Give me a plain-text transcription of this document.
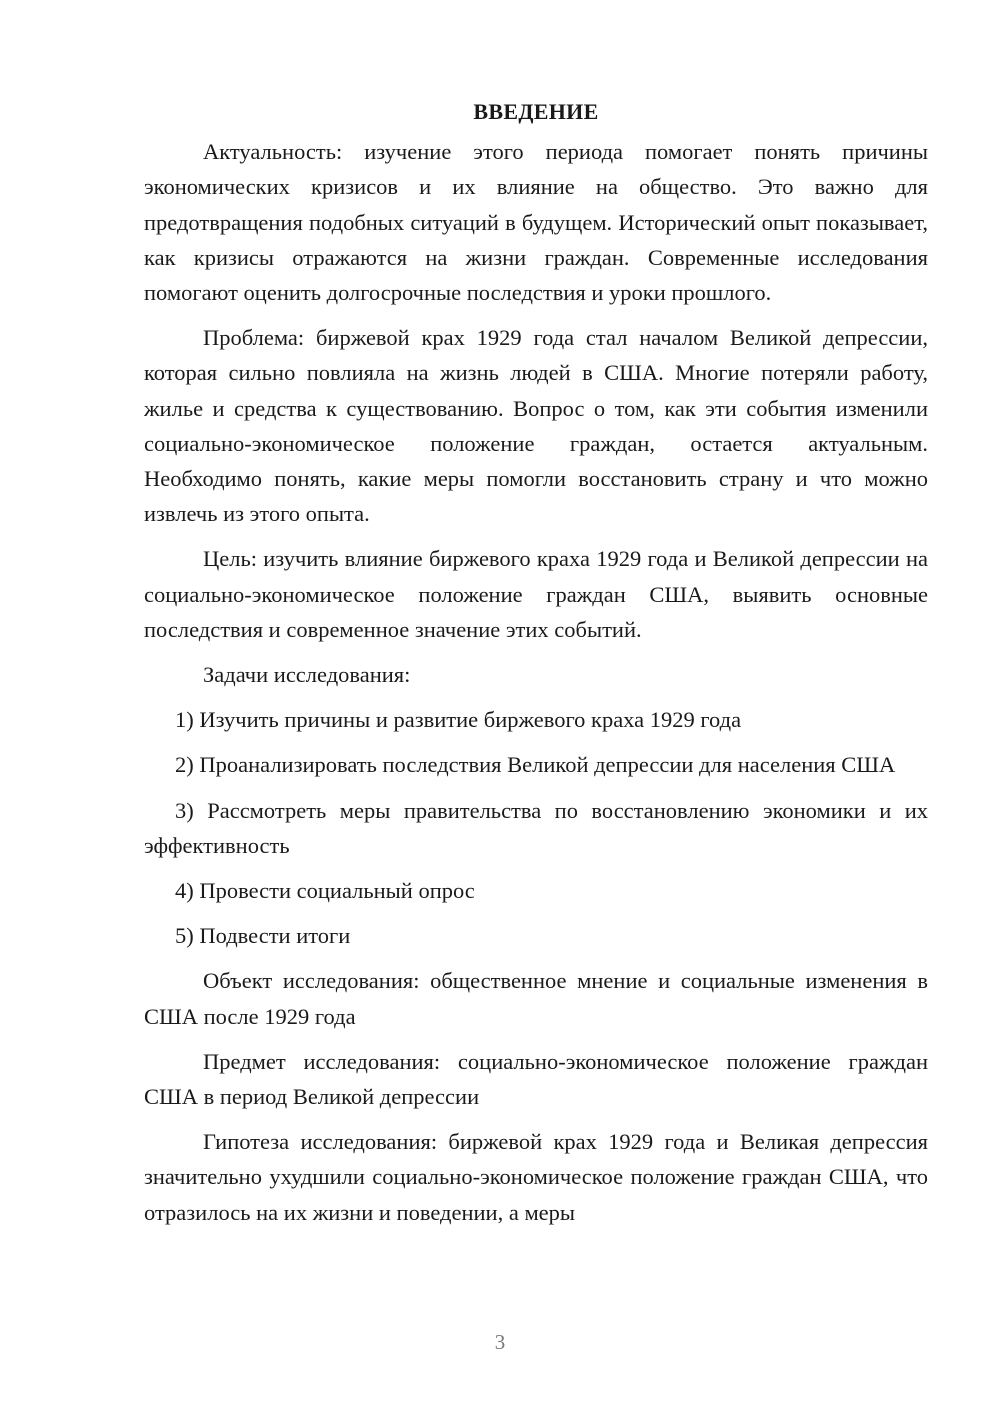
ВВЕДЕНИЕ

Актуальность: изучение этого периода помогает понять причины экономических кризисов и их влияние на общество. Это важно для предотвращения подобных ситуаций в будущем. Исторический опыт показывает, как кризисы отражаются на жизни граждан. Современные исследования помогают оценить долгосрочные последствия и уроки прошлого.

Проблема: биржевой крах 1929 года стал началом Великой депрессии, которая сильно повлияла на жизнь людей в США. Многие потеряли работу, жилье и средства к существованию. Вопрос о том, как эти события изменили социально-экономическое положение граждан, остается актуальным. Необходимо понять, какие меры помогли восстановить страну и что можно извлечь из этого опыта.

Цель: изучить влияние биржевого краха 1929 года и Великой депрессии на социально-экономическое положение граждан США, выявить основные последствия и современное значение этих событий.

Задачи исследования:

1) Изучить причины и развитие биржевого краха 1929 года

2) Проанализировать последствия Великой депрессии для населения США

3) Рассмотреть меры правительства по восстановлению экономики и их эффективность

4) Провести социальный опрос

5) Подвести итоги

Объект исследования: общественное мнение и социальные изменения в США после 1929 года

Предмет исследования: социально-экономическое положение граждан США в период Великой депрессии

Гипотеза исследования: биржевой крах 1929 года и Великая депрессия значительно ухудшили социально-экономическое положение граждан США, что отразилось на их жизни и поведении, а меры

3
